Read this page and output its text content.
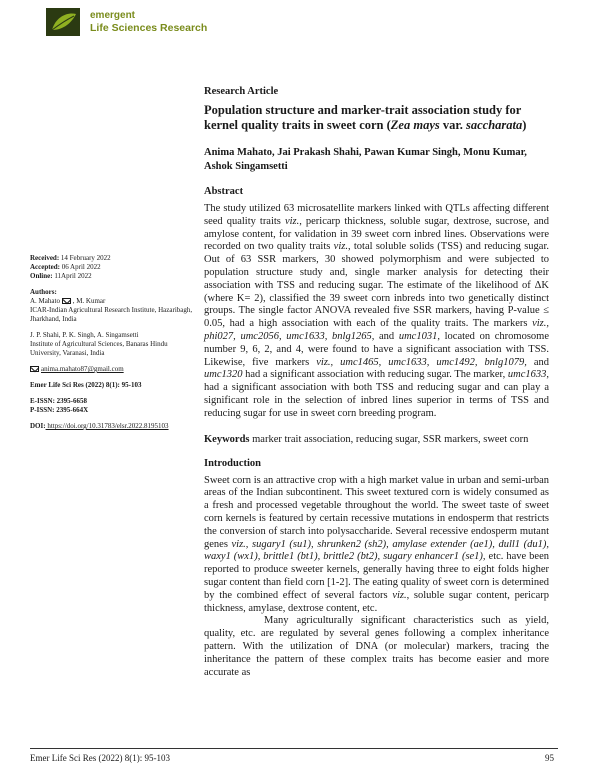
emergent
Life Sciences Research
Research Article
Population structure and marker-trait association study for kernel quality traits in sweet corn (Zea mays var. saccharata)
Anima Mahato, Jai Prakash Shahi, Pawan Kumar Singh, Monu Kumar, Ashok Singamsetti
Abstract
The study utilized 63 microsatellite markers linked with QTLs affecting different seed quality traits viz., pericarp thickness, soluble sugar, dextrose, sucrose, and amylose content, for validation in 39 sweet corn inbred lines. Observations were recorded on two quality traits viz., total soluble solids (TSS) and reducing sugar. Out of 63 SSR markers, 30 showed polymorphism and were subjected to population structure study and, single marker analysis for detecting their association with TSS and reducing sugar. The estimate of the likelihood of ΔK (where K= 2), classified the 39 sweet corn inbreds into two genetically distinct groups. The single factor ANOVA revealed five SSR markers, having P-value ≤ 0.05, had a high association with each of the quality traits. The markers viz., phi027, umc2056, umc1633, bnlg1265, and umc1031, located on chromosome number 9, 6, 2, and 4, were found to have a significant association with TSS. Likewise, five markers viz., umc1465, umc1633, umc1492, bnlg1079, and umc1320 had a significant association with reducing sugar. The marker, umc1633, had a significant association with both TSS and reducing sugar and can play a significant role in the selection of inbred lines superior in terms of TSS and reducing sugar for use in sweet corn breeding program.
Keywords marker trait association, reducing sugar, SSR markers, sweet corn
Introduction

Sweet corn is an attractive crop with a high market value in urban and semi-urban areas of the Indian subcontinent. This sweet textured corn is widely consumed as a fresh and processed vegetable throughout the world. The sweet taste of sweet corn kernels is featured by certain recessive mutations in endosperm that restricts the conversion of starch into polysaccharide. Several recessive endosperm mutant genes viz., sugary1 (su1), shrunken2 (sh2), amylase extender (ae1), dull1 (du1), waxy1 (wx1), brittle1 (bt1), brittle2 (bt2), sugary enhancer1 (se1), etc. have been reported to produce sweeter kernels, generally having three to eight folds higher sugar content than field corn [1-2]. The eating quality of sweet corn is determined by the combined effect of several factors viz., soluble sugar content, pericarp thickness, amylase, dextrose content, etc.

Many agriculturally significant characteristics such as yield, quality, etc. are regulated by several genes following a complex inheritance pattern. With the utilization of DNA (or molecular) markers, tracing the inheritance the pattern of these complex traits has become easier and more accurate as

Received: 14 February 2022
Accepted: 06 April 2022
Online: 11April 2022
Authors:
A. Mahato , M. Kumar
ICAR-Indian Agricultural Research Institute, Hazaribagh, Jharkhand, India
J. P. Shahi, P. K. Singh, A. Singamsetti
Institute of Agricultural Sciences, Banaras Hindu University, Varanasi, India
anima.mahato87@gmail.com
Emer Life Sci Res (2022) 8(1): 95-103
E-ISSN: 2395-6658
P-ISSN: 2395-664X
DOI: https://doi.org/10.31783/elsr.2022.8195103
Emer Life Sci Res (2022) 8(1): 95-103	95
